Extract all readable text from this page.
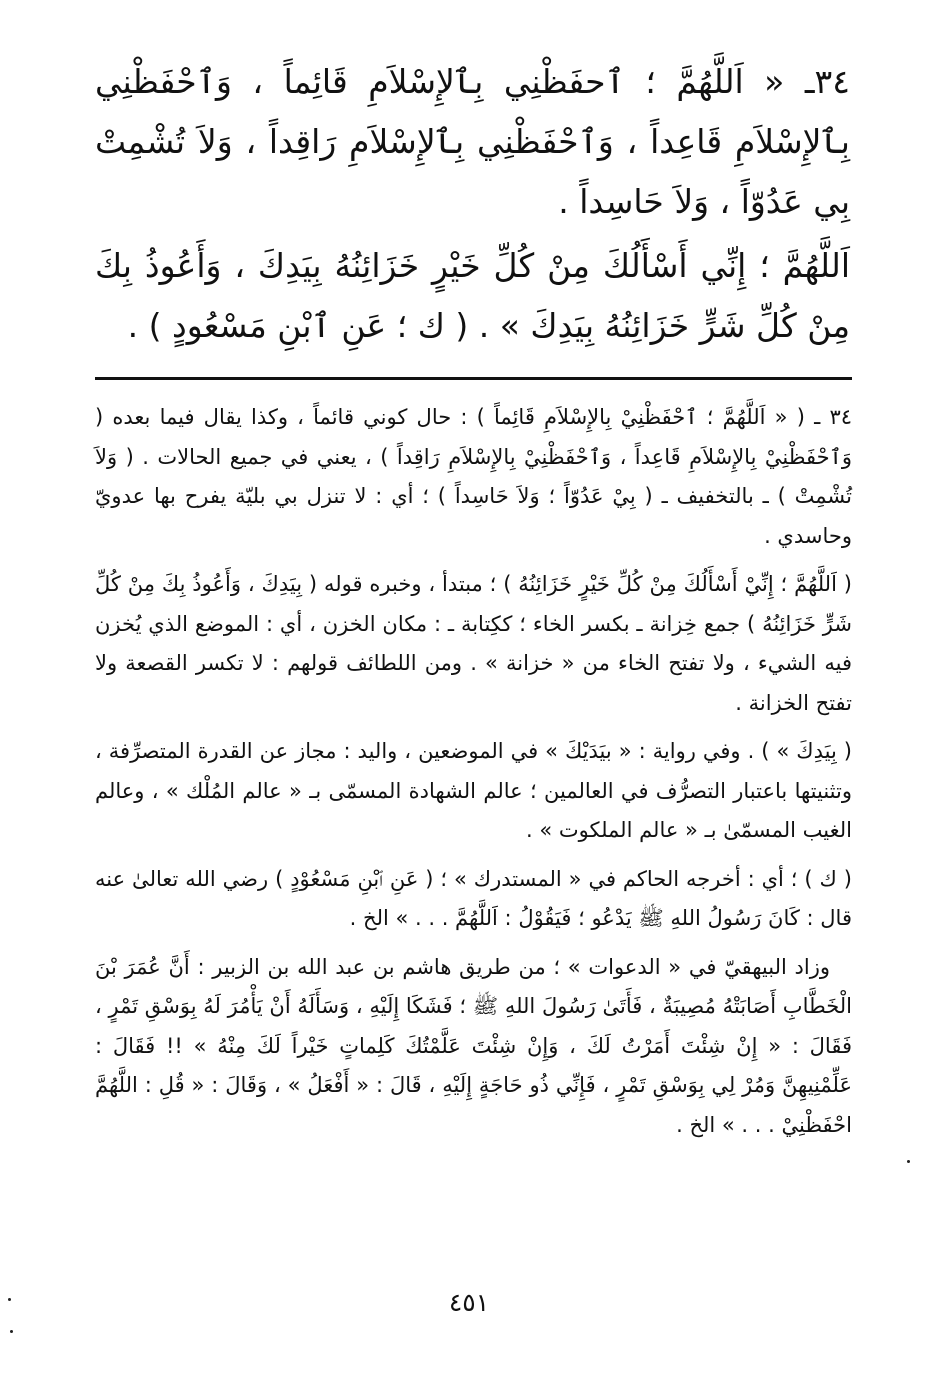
٣٤ـ « اَللَّهُمَّ ؛ ٱحفَظْنِي بِٱلإِسْلاَمِ قَائِماً ، وَٱحْفَظْنِي بِٱلإِسْلاَمِ قَاعِداً ، وَٱحْفَظْنِي بِٱلإِسْلاَمِ رَاقِداً ، وَلاَ تُشْمِتْ بِي عَدُوّاً ، وَلاَ حَاسِداً .

اَللَّهُمَّ ؛ إِنِّي أَسْأَلُكَ مِنْ كُلِّ خَيْرٍ خَزَائِنُهُ بِيَدِكَ ، وَأَعُوذُ بِكَ مِنْ كُلِّ شَرٍّ خَزَائِنُهُ بِيَدِكَ » . ( ك ؛ عَنِ ٱبْنِ مَسْعُودٍ ) .

٣٤ ـ ( « اَللَّهُمَّ ؛ ٱحْفَظْنِيْ بِالإِسْلاَمِ قَائِماً ) : حال كوني قائماً ، وكذا يقال فيما بعده ( وَٱحْفَظْنِيْ بِالإِسْلاَمِ قَاعِداً ، وَٱحْفَظْنِيْ بِالإِسْلاَمِ رَاقِداً ) ، يعني في جميع الحالات . ( وَلاَ تُشْمِتْ ) ـ بالتخفيف ـ ( بِيْ عَدُوّاً ؛ وَلاَ حَاسِداً ) ؛ أي : لا تنزل بي بليّة يفرح بها عدويّ وحاسدي .

( اَللَّهُمَّ ؛ إِنِّيْ أَسْأَلُكَ مِنْ كُلِّ خَيْرٍ خَزَائِنُهُ ) ؛ مبتدأ ، وخبره قوله ( بِيَدِكَ ، وَأَعُوذُ بِكَ مِنْ كُلِّ شَرٍّ خَزَائِنُهُ ) جمع خِزانة ـ بكسر الخاء ؛ ككِتابة ـ : مكان الخزن ، أي : الموضع الذي يُخزن فيه الشيء ، ولا تفتح الخاء من « خزانة » . ومن اللطائف قولهم : لا تكسر القصعة ولا تفتح الخزانة .

( بِيَدِكَ » ) . وفي رواية : « بيَدَيْكَ » في الموضعين ، واليد : مجاز عن القدرة المتصرِّفة ، وتثنيتها باعتبار التصرُّف في العالمين ؛ عالم الشهادة المسمّى بـ « عالم المُلْك » ، وعالم الغيب المسمّىٰ بـ « عالم الملكوت » .

( ك ) ؛ أي : أخرجه الحاكم في « المستدرك » ؛ ( عَنِ ٱبْنِ مَسْعُوْدٍ ) رضي الله تعالىٰ عنه قال : كَانَ رَسُولُ اللهِ ﷺ يَدْعُو ؛ فَيَقُوْلُ : اَللَّهُمَّ . . . » الخ .

وزاد البيهقيّ في « الدعوات » ؛ من طريق هاشم بن عبد الله بن الزبير : أَنَّ عُمَرَ بْنَ الْخَطَّابِ أَصَابَتْهُ مُصِيبَةٌ ، فَأَتَىٰ رَسُولَ اللهِ ﷺ ؛ فَشَكَا إِلَيْهِ ، وَسَأَلَهُ أَنْ يَأْمُرَ لَهُ بِوَسْقِ تَمْرٍ ، فَقَالَ : « إِنْ شِئْتَ أَمَرْتُ لَكَ ، وَإِنْ شِئْتَ عَلَّمْتُكَ كَلِماتٍ خَيْراً لَكَ مِنْهُ » !! فَقَالَ : عَلِّمْنِيهِنَّ وَمُرْ لِي بِوَسْقِ تَمْرٍ ، فَإِنِّي ذُو حَاجَةٍ إِلَيْهِ ، قَالَ : « أَفْعَلُ » ، وَقَالَ : « قُلِ : اللَّهُمَّ احْفَظْنِيْ . . . » الخ .

٤٥١
